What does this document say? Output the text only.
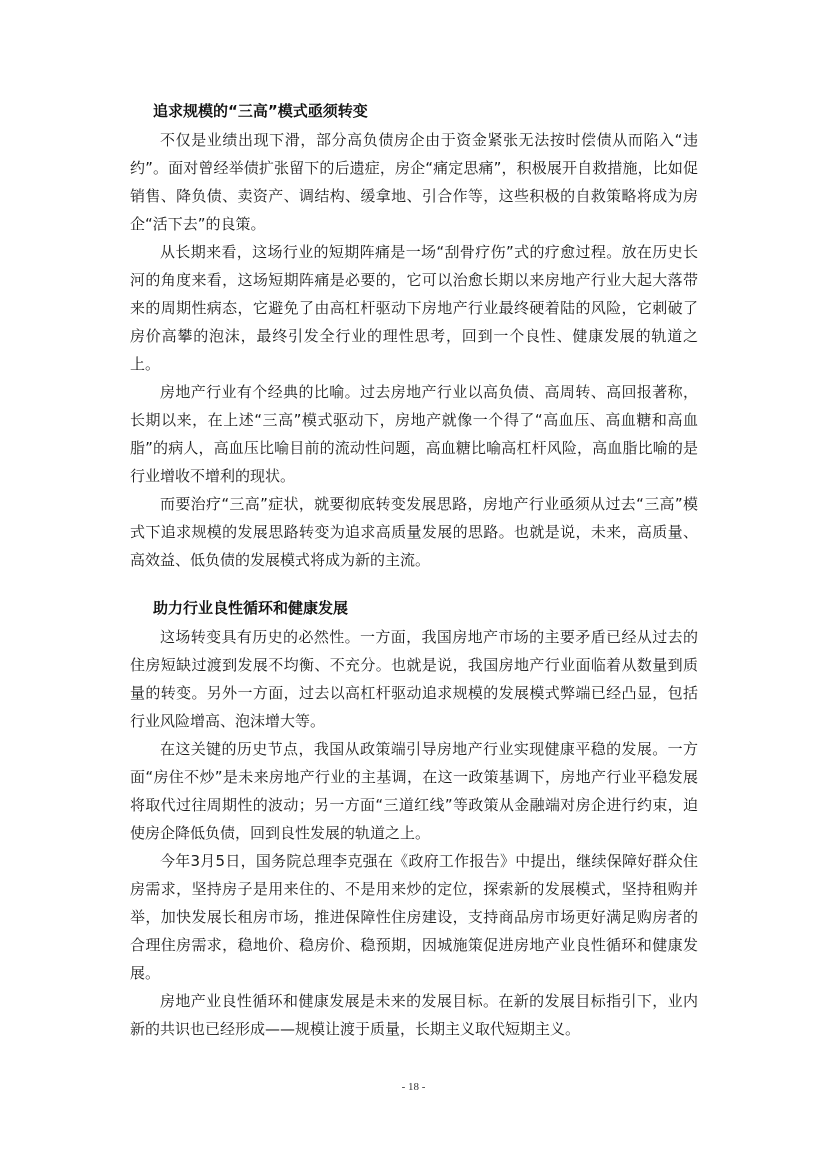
追求规模的“三高”模式亟须转变

不仅是业绩出现下滑，部分高负债房企由于资金紧张无法按时偿债从而陷入“违约”。面对曾经举债扩张留下的后遗症，房企“痛定思痛”，积极展开自救措施，比如促销售、降负债、卖资产、调结构、缓拿地、引合作等，这些积极的自救策略将成为房企“活下去”的良策。

从长期来看，这场行业的短期阵痛是一场“刮骨疗伤”式的疗愈过程。放在历史长河的角度来看，这场短期阵痛是必要的，它可以治愈长期以来房地产行业大起大落带来的周期性病态，它避免了由高杠杆驱动下房地产行业最终硬着陆的风险，它刺破了房价高攀的泡沫，最终引发全行业的理性思考，回到一个良性、健康发展的轨道之上。

房地产行业有个经典的比喻。过去房地产行业以高负债、高周转、高回报著称，长期以来，在上述“三高”模式驱动下，房地产就像一个得了“高血压、高血糖和高血脂”的病人，高血压比喻目前的流动性问题，高血糖比喻高杠杆风险，高血脂比喻的是行业增收不增利的现状。

而要治疗“三高”症状，就要彻底转变发展思路，房地产行业亟须从过去“三高”模式下追求规模的发展思路转变为追求高质量发展的思路。也就是说，未来，高质量、高效益、低负债的发展模式将成为新的主流。

助力行业良性循环和健康发展

这场转变具有历史的必然性。一方面，我国房地产市场的主要矛盾已经从过去的住房短缺过渡到发展不均衡、不充分。也就是说，我国房地产行业面临着从数量到质量的转变。另外一方面，过去以高杠杆驱动追求规模的发展模式弊端已经凸显，包括行业风险增高、泡沫增大等。

在这关键的历史节点，我国从政策端引导房地产行业实现健康平稳的发展。一方面“房住不炒”是未来房地产行业的主基调，在这一政策基调下，房地产行业平稳发展将取代过往周期性的波动；另一方面“三道红线”等政策从金融端对房企进行约束，迫使房企降低负债，回到良性发展的轨道之上。

今年3月5日，国务院总理李克强在《政府工作报告》中提出，继续保障好群众住房需求，坚持房子是用来住的、不是用来炒的定位，探索新的发展模式，坚持租购并举，加快发展长租房市场，推进保障性住房建设，支持商品房市场更好满足购房者的合理住房需求，稳地价、稳房价、稳预期，因城施策促进房地产业良性循环和健康发展。

房地产业良性循环和健康发展是未来的发展目标。在新的发展目标指引下，业内新的共识也已经形成——规模让渡于质量，长期主义取代短期主义。

- 18 -
